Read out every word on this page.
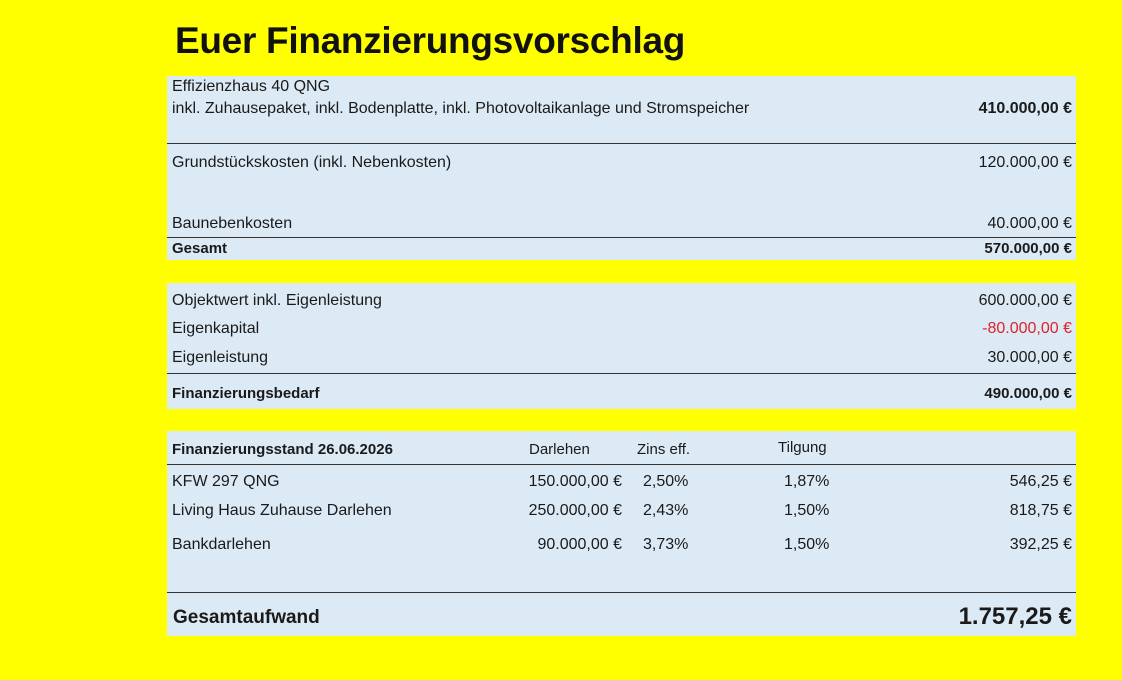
Euer Finanzierungsvorschlag
Effizienzhaus 40 QNG
inkl. Zuhausepaket, inkl. Bodenplatte, inkl. Photovoltaikanlage und Stromspeicher	410.000,00 €
Grundstückskosten (inkl. Nebenkosten)	120.000,00 €
Baunebenkosten	40.000,00 €
Gesamt	570.000,00 €
Objektwert inkl. Eigenleistung	600.000,00 €
Eigenkapital	-80.000,00 €
Eigenleistung	30.000,00 €
Finanzierungsbedarf	490.000,00 €
Finanzierungsstand 26.06.2026	Darlehen	Zins eff.	Tilgung
KFW 297 QNG	150.000,00 € 2,50%	1,87%	546,25 €
Living Haus Zuhause Darlehen	250.000,00 € 2,43%	1,50%	818,75 €
Bankdarlehen	90.000,00 € 3,73%	1,50%	392,25 €
Gesamtaufwand	1.757,25 €
